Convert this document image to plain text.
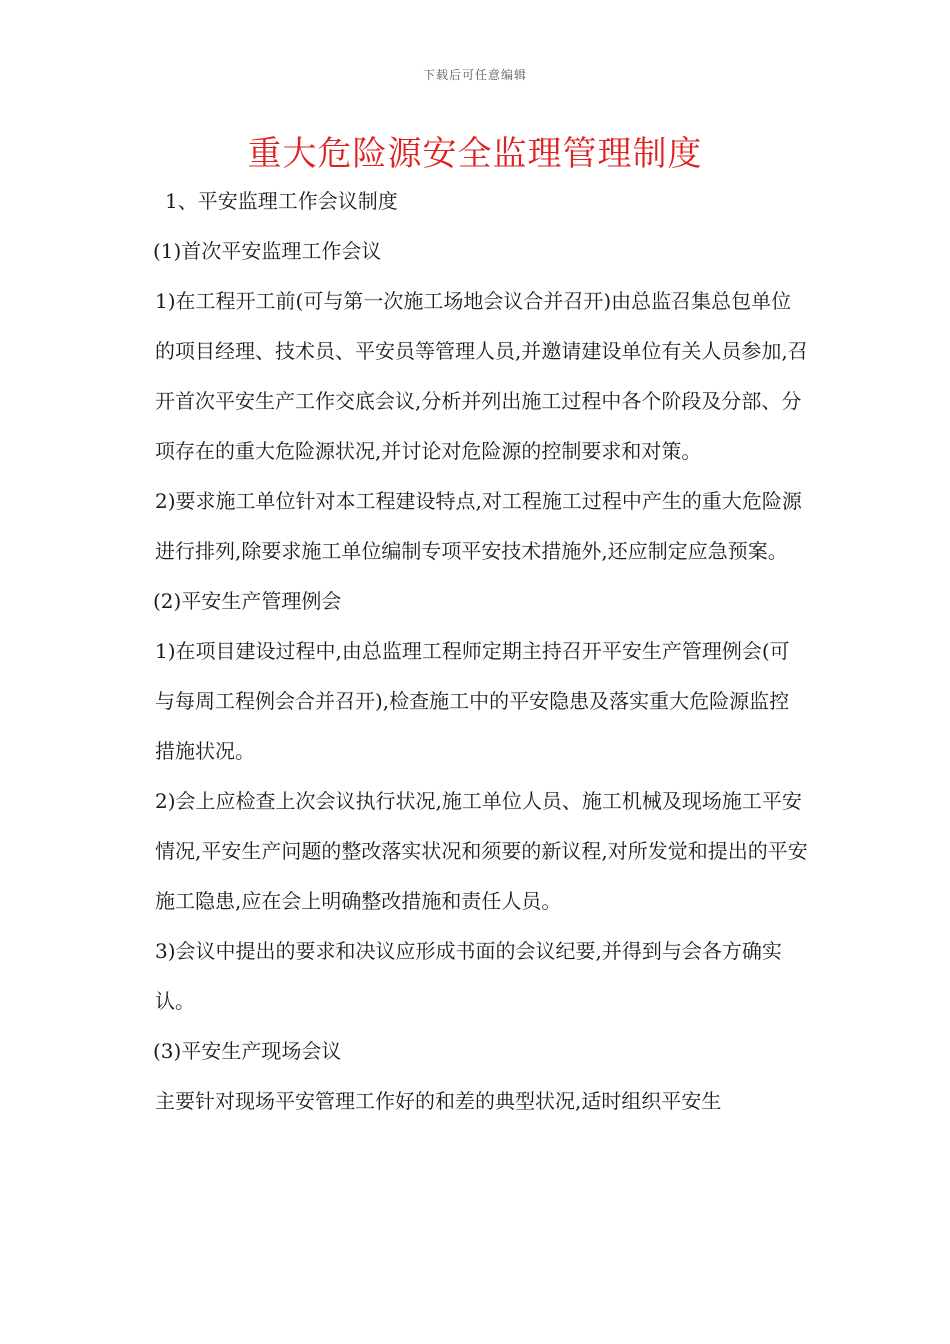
下载后可任意编辑
重大危险源安全监理管理制度

1、平安监理工作会议制度

(1)首次平安监理工作会议

1)在工程开工前(可与第一次施工场地会议合并召开)由总监召集总包单位的项目经理、技术员、平安员等管理人员,并邀请建设单位有关人员参加,召开首次平安生产工作交底会议,分析并列出施工过程中各个阶段及分部、分项存在的重大危险源状况,并讨论对危险源的控制要求和对策。

2)要求施工单位针对本工程建设特点,对工程施工过程中产生的重大危险源进行排列,除要求施工单位编制专项平安技术措施外,还应制定应急预案。

(2)平安生产管理例会

1)在项目建设过程中,由总监理工程师定期主持召开平安生产管理例会(可与每周工程例会合并召开),检查施工中的平安隐患及落实重大危险源监控措施状况。

2)会上应检查上次会议执行状况,施工单位人员、施工机械及现场施工平安情况,平安生产问题的整改落实状况和须要的新议程,对所发觉和提出的平安施工隐患,应在会上明确整改措施和责任人员。

3)会议中提出的要求和决议应形成书面的会议纪要,并得到与会各方确实认。

(3)平安生产现场会议

主要针对现场平安管理工作好的和差的典型状况,适时组织平安生
